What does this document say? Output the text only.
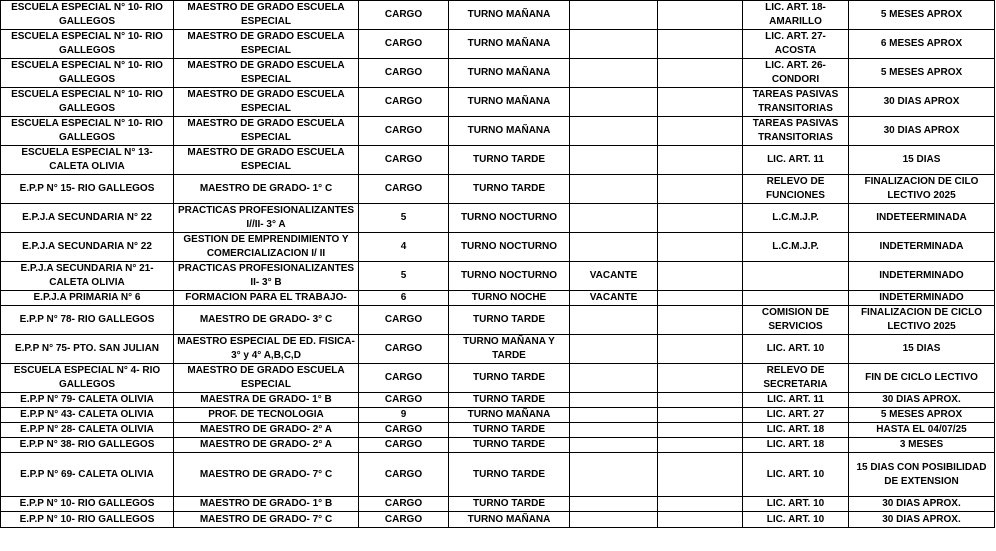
ESCUELA ESPECIAL N° 10- RIO GALLEGOS	MAESTRO DE GRADO ESCUELA ESPECIAL	CARGO	TURNO MAÑANA			LIC. ART. 18- AMARILLO	5 MESES APROX
ESCUELA ESPECIAL N° 10- RIO GALLEGOS	MAESTRO DE GRADO ESCUELA ESPECIAL	CARGO	TURNO MAÑANA			LIC. ART. 27- ACOSTA	6 MESES APROX
ESCUELA ESPECIAL N° 10- RIO GALLEGOS	MAESTRO DE GRADO ESCUELA ESPECIAL	CARGO	TURNO MAÑANA			LIC. ART. 26- CONDORI	5 MESES APROX
ESCUELA ESPECIAL N° 10- RIO GALLEGOS	MAESTRO DE GRADO ESCUELA ESPECIAL	CARGO	TURNO MAÑANA			TAREAS PASIVAS TRANSITORIAS	30 DIAS APROX
ESCUELA ESPECIAL N° 10- RIO GALLEGOS	MAESTRO DE GRADO ESCUELA ESPECIAL	CARGO	TURNO MAÑANA			TAREAS PASIVAS TRANSITORIAS	30 DIAS APROX
ESCUELA ESPECIAL N° 13- CALETA OLIVIA	MAESTRO DE GRADO ESCUELA ESPECIAL	CARGO	TURNO TARDE			LIC. ART. 11	15 DIAS
E.P.P N° 15- RIO GALLEGOS	MAESTRO DE GRADO- 1° C	CARGO	TURNO TARDE			RELEVO DE FUNCIONES	FINALIZACION DE CILO LECTIVO 2025
E.P.J.A SECUNDARIA N° 22	PRACTICAS PROFESIONALIZANTES I//II- 3° A	5	TURNO NOCTURNO			L.C.M.J.P.	INDETEERMINADA
E.P.J.A SECUNDARIA N° 22	GESTION DE EMPRENDIMIENTO Y COMERCIALIZACION I/ II	4	TURNO NOCTURNO			L.C.M.J.P.	INDETERMINADA
E.P.J.A SECUNDARIA N° 21- CALETA OLIVIA	PRACTICAS PROFESIONALIZANTES II- 3° B	5	TURNO NOCTURNO	VACANTE			INDETERMINADO
E.P.J.A PRIMARIA N° 6	FORMACION PARA EL TRABAJO-	6	TURNO NOCHE	VACANTE			INDETERMINADO
E.P.P N° 78- RIO GALLEGOS	MAESTRO DE GRADO- 3° C	CARGO	TURNO TARDE			COMISION DE SERVICIOS	FINALIZACION DE CICLO LECTIVO 2025
E.P.P N° 75- PTO. SAN JULIAN	MAESTRO ESPECIAL DE ED. FISICA- 3° y 4° A,B,C,D	CARGO	TURNO MAÑANA Y TARDE			LIC. ART. 10	15 DIAS
ESCUELA ESPECIAL N° 4- RIO GALLEGOS	MAESTRO DE GRADO ESCUELA ESPECIAL	CARGO	TURNO TARDE			RELEVO DE SECRETARIA	FIN DE CICLO LECTIVO
E.P.P N° 79- CALETA OLIVIA	MAESTRA DE GRADO- 1° B	CARGO	TURNO TARDE			LIC. ART. 11	30 DIAS APROX.
E.P.P N° 43- CALETA OLIVIA	PROF. DE TECNOLOGIA	9	TURNO MAÑANA			LIC. ART. 27	5 MESES APROX
E.P.P N° 28- CALETA OLIVIA	MAESTRO DE GRADO- 2° A	CARGO	TURNO TARDE			LIC. ART. 18	HASTA EL 04/07/25
E.P.P N° 38- RIO GALLEGOS	MAESTRO DE GRADO- 2° A	CARGO	TURNO TARDE			LIC. ART. 18	3 MESES
E.P.P N° 69- CALETA OLIVIA	MAESTRO DE GRADO- 7° C	CARGO	TURNO TARDE			LIC. ART. 10	15 DIAS CON POSIBILIDAD DE EXTENSION
E.P.P N° 10- RIO GALLEGOS	MAESTRO DE GRADO- 1° B	CARGO	TURNO TARDE			LIC. ART. 10	30 DIAS APROX.
E.P.P N° 10- RIO GALLEGOS	MAESTRO DE GRADO- 7° C	CARGO	TURNO MAÑANA			LIC. ART. 10	30 DIAS APROX.
